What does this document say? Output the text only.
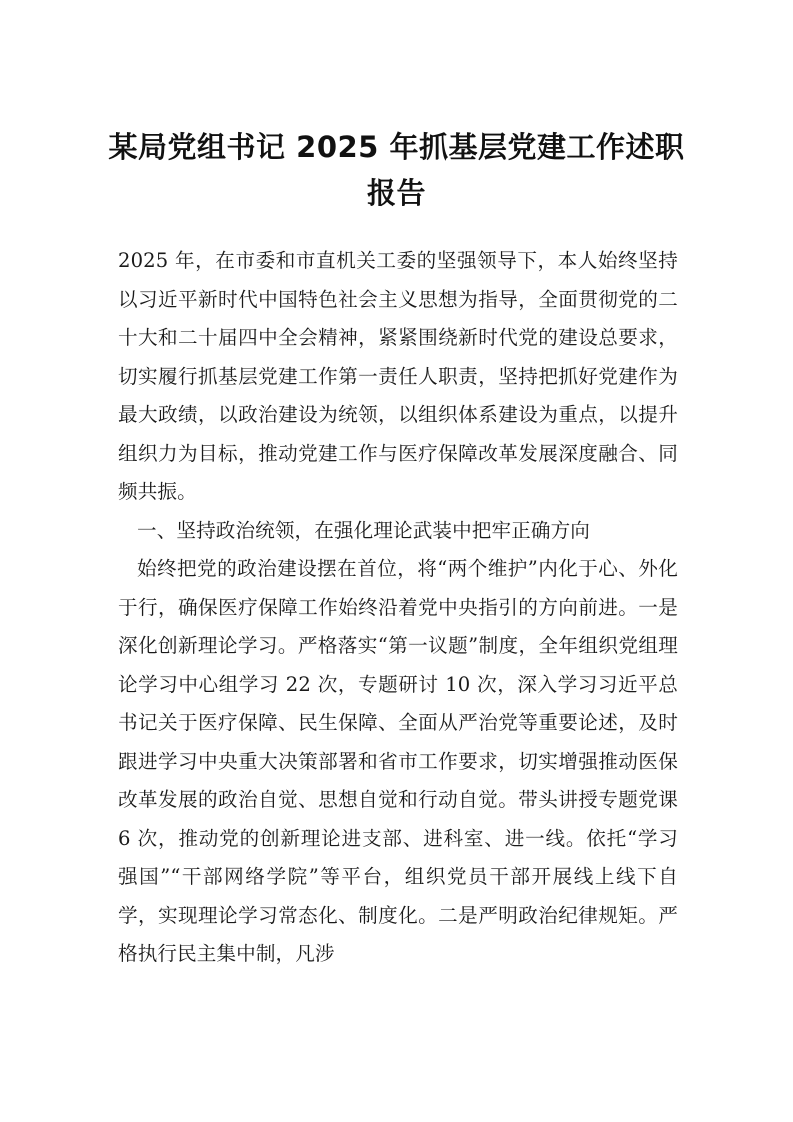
某局党组书记 2025 年抓基层党建工作述职
报告

2025 年，在市委和市直机关工委的坚强领导下，本人始终坚持以习近平新时代中国特色社会主义思想为指导，全面贯彻党的二十大和二十届四中全会精神，紧紧围绕新时代党的建设总要求，切实履行抓基层党建工作第一责任人职责，坚持把抓好党建作为最大政绩，以政治建设为统领，以组织体系建设为重点，以提升组织力为目标，推动党建工作与医疗保障改革发展深度融合、同频共振。

一、坚持政治统领，在强化理论武装中把牢正确方向

始终把党的政治建设摆在首位，将“两个维护”内化于心、外化于行，确保医疗保障工作始终沿着党中央指引的方向前进。一是深化创新理论学习。严格落实“第一议题”制度，全年组织党组理论学习中心组学习 22 次，专题研讨 10 次，深入学习习近平总书记关于医疗保障、民生保障、全面从严治党等重要论述，及时跟进学习中央重大决策部署和省市工作要求，切实增强推动医保改革发展的政治自觉、思想自觉和行动自觉。带头讲授专题党课 6 次，推动党的创新理论进支部、进科室、进一线。依托“学习强国”“干部网络学院”等平台，组织党员干部开展线上线下自学，实现理论学习常态化、制度化。二是严明政治纪律规矩。严格执行民主集中制，凡涉
